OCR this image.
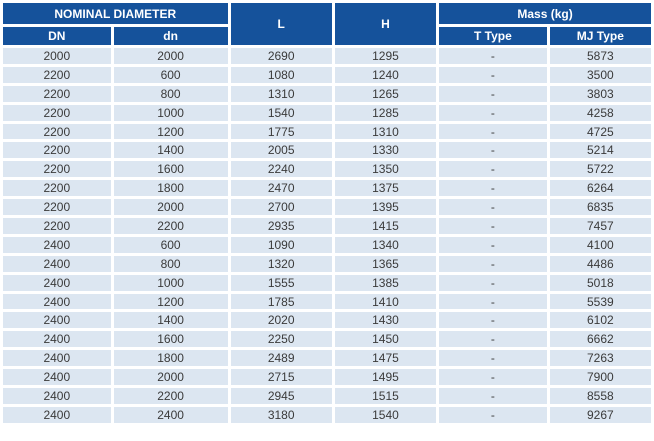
NOMINAL DIAMETER		L	H	Mass (kg)	
DN	dn			T Type	MJ Type
2000	2000	2690	1295	-	5873
2200	600	1080	1240	-	3500
2200	800	1310	1265	-	3803
2200	1000	1540	1285	-	4258
2200	1200	1775	1310	-	4725
2200	1400	2005	1330	-	5214
2200	1600	2240	1350	-	5722
2200	1800	2470	1375	-	6264
2200	2000	2700	1395	-	6835
2200	2200	2935	1415	-	7457
2400	600	1090	1340	-	4100
2400	800	1320	1365	-	4486
2400	1000	1555	1385	-	5018
2400	1200	1785	1410	-	5539
2400	1400	2020	1430	-	6102
2400	1600	2250	1450	-	6662
2400	1800	2489	1475	-	7263
2400	2000	2715	1495	-	7900
2400	2200	2945	1515	-	8558
2400	2400	3180	1540	-	9267
